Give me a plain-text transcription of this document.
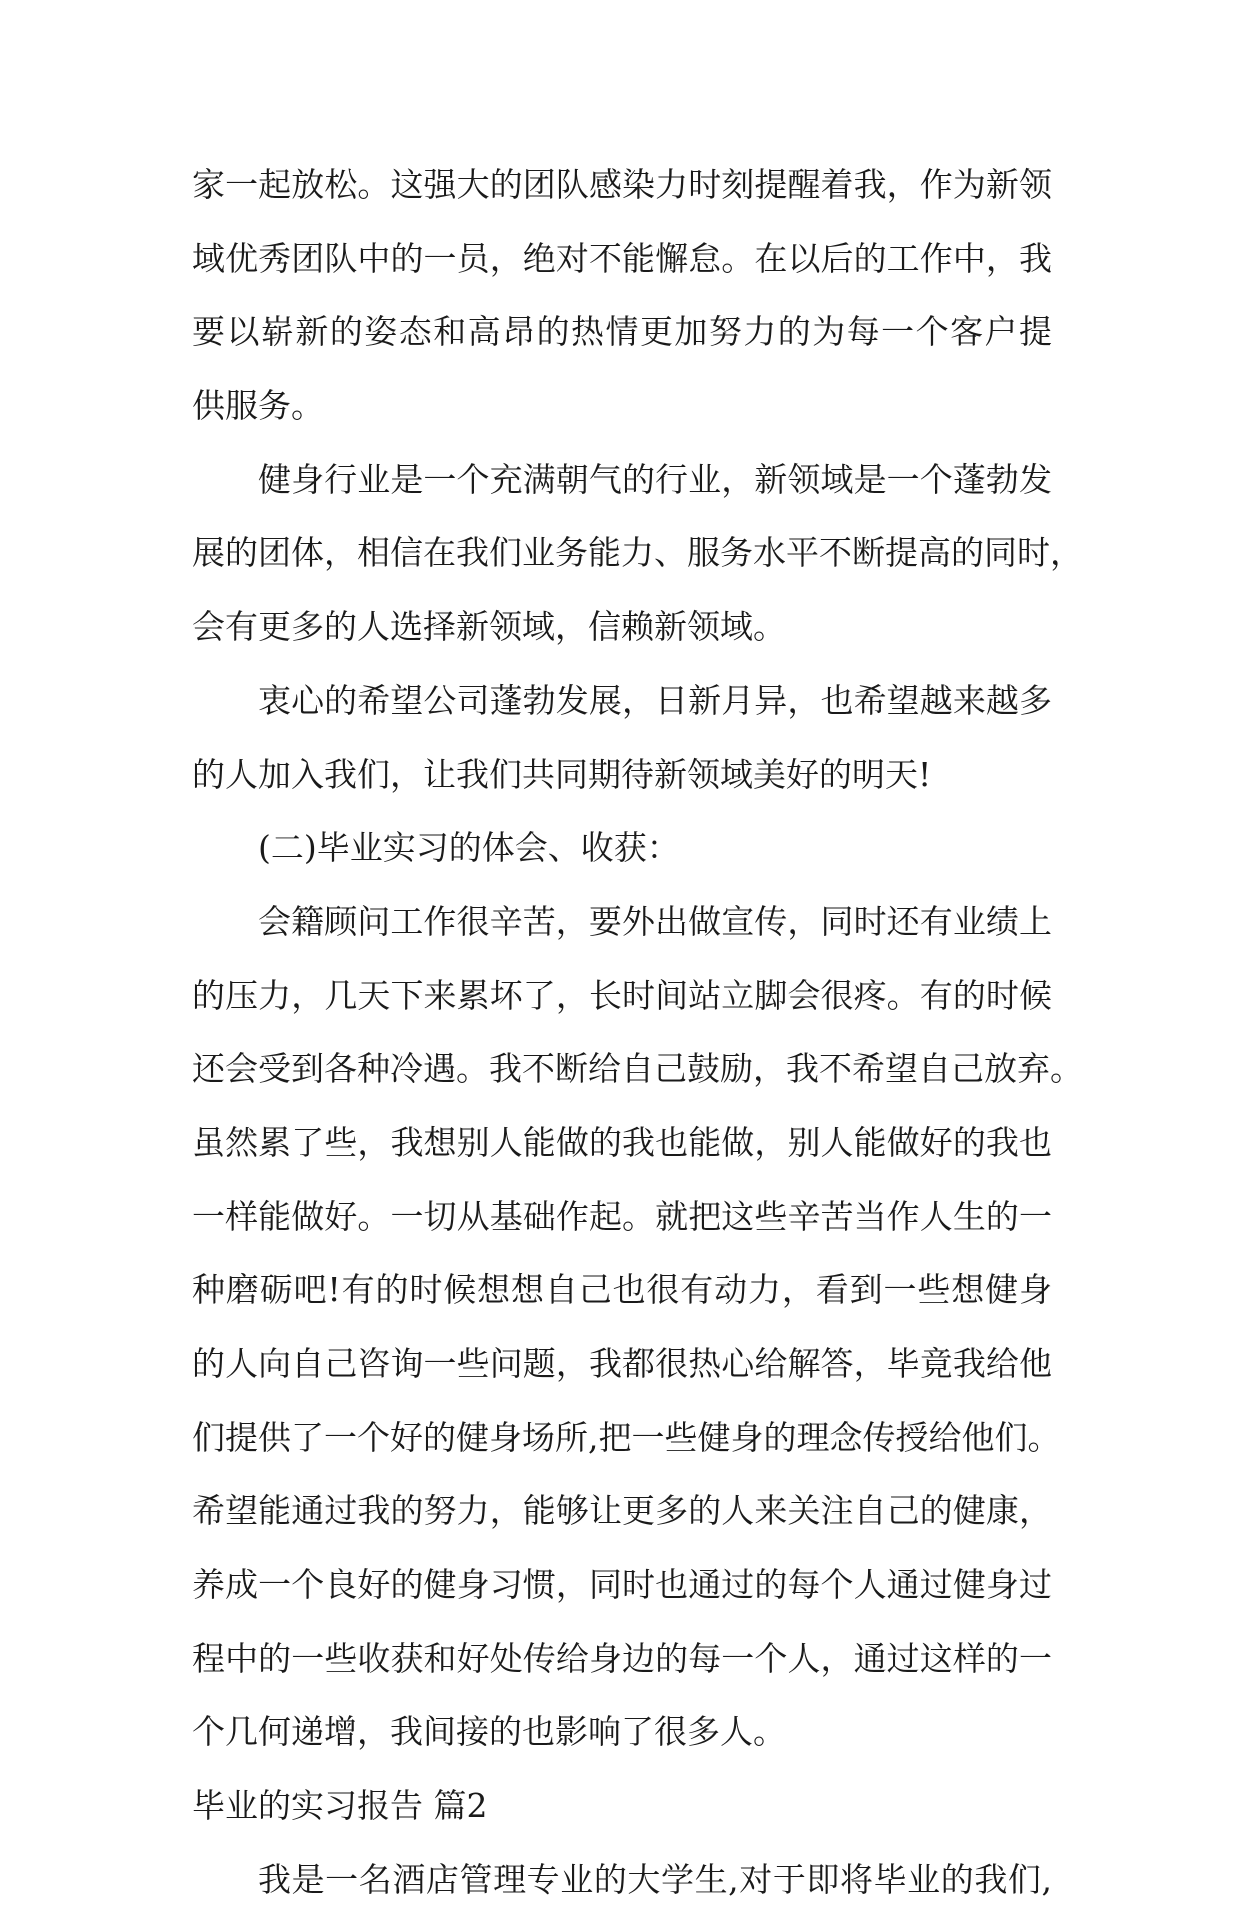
家一起放松。这强大的团队感染力时刻提醒着我，作为新领
域优秀团队中的一员，绝对不能懈怠。在以后的工作中，我
要以崭新的姿态和高昂的热情更加努力的为每一个客户提
供服务。
健身行业是一个充满朝气的行业，新领域是一个蓬勃发
展的团体，相信在我们业务能力、服务水平不断提高的同时，
会有更多的人选择新领域，信赖新领域。
衷心的希望公司蓬勃发展，日新月异，也希望越来越多
的人加入我们，让我们共同期待新领域美好的明天!
(二)毕业实习的体会、收获：
会籍顾问工作很辛苦，要外出做宣传，同时还有业绩上
的压力，几天下来累坏了，长时间站立脚会很疼。有的时候
还会受到各种冷遇。我不断给自己鼓励，我不希望自己放弃。
虽然累了些，我想别人能做的我也能做，别人能做好的我也
一样能做好。一切从基础作起。就把这些辛苦当作人生的一
种磨砺吧!有的时候想想自己也很有动力，看到一些想健身
的人向自己咨询一些问题，我都很热心给解答，毕竟我给他
们提供了一个好的健身场所,把一些健身的理念传授给他们。
希望能通过我的努力，能够让更多的人来关注自己的健康，
养成一个良好的健身习惯，同时也通过的每个人通过健身过
程中的一些收获和好处传给身边的每一个人，通过这样的一
个几何递增，我间接的也影响了很多人。
毕业的实习报告 篇2
我是一名酒店管理专业的大学生,对于即将毕业的我们,
